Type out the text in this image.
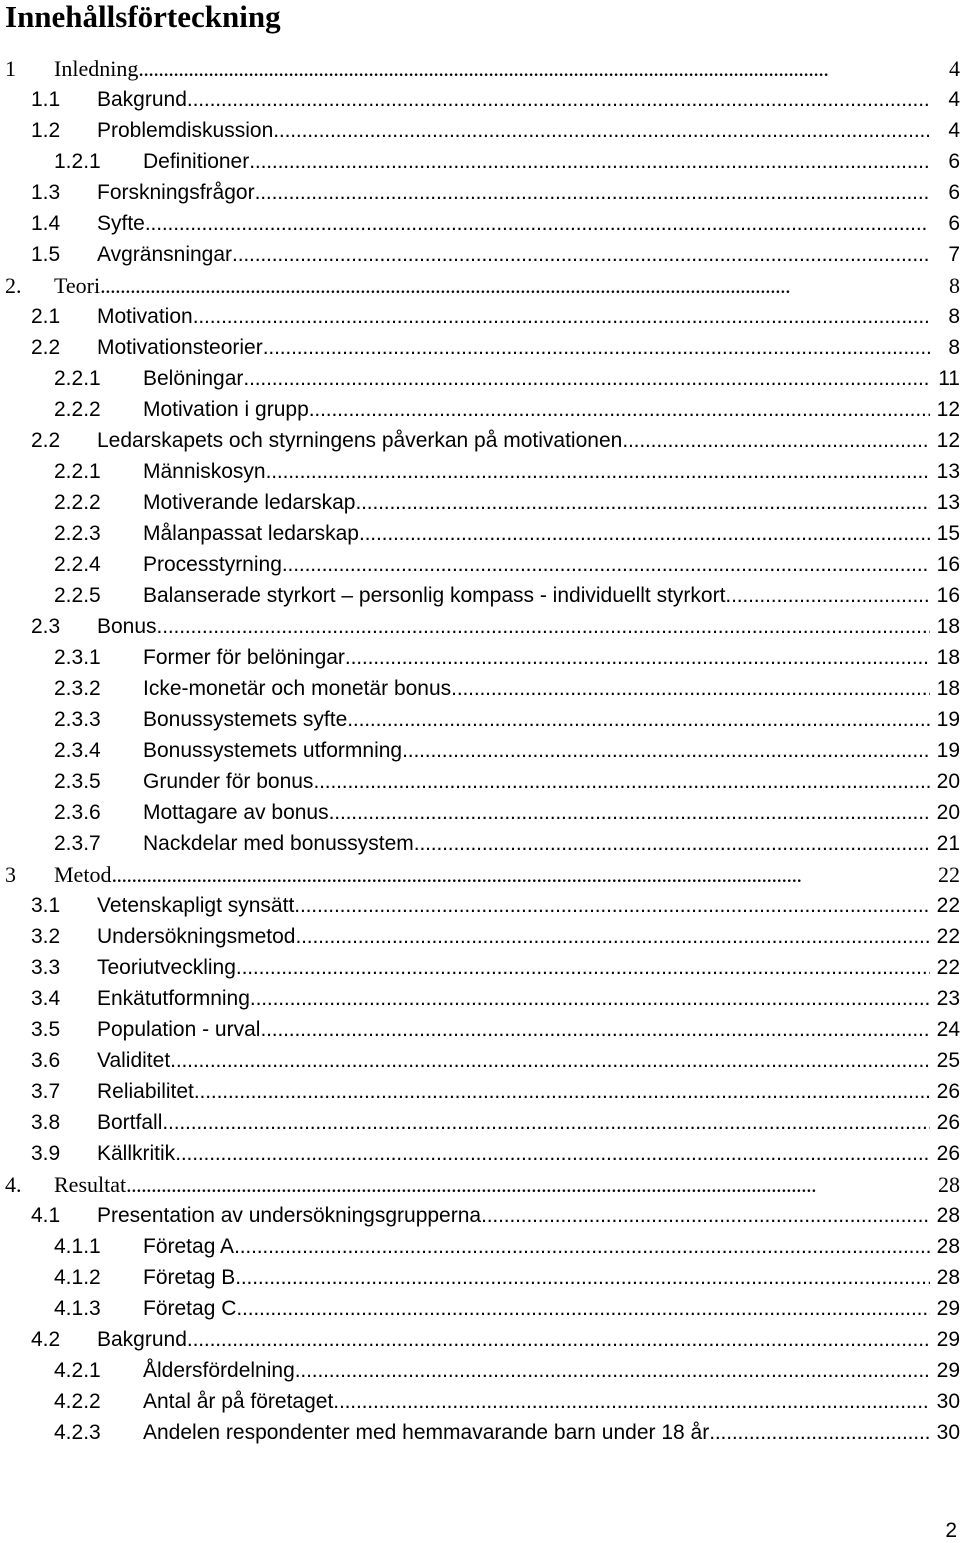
Innehållsförteckning
1 Inledning . . .	4
1.1 Bakgrund . . .	4
1.2 Problemdiskussion . . .	4
1.2.1 Definitioner . . .	6
1.3 Forskningsfrågor . . .	6
1.4 Syfte . . .	6
1.5 Avgränsningar . . .	7
2. Teori . . .	8
2.1 Motivation . . .	8
2.2 Motivationsteorier . . .	8
2.2.1 Belöningar . . .	11
2.2.2 Motivation i grupp . . .	12
2.2 Ledarskapets och styrningens påverkan på motivationen . . .	12
2.2.1 Människosyn . . .	13
2.2.2 Motiverande ledarskap . . .	13
2.2.3 Målanpassat ledarskap . . .	15
2.2.4 Processtyrning . . .	16
2.2.5 Balanserade styrkort – personlig kompass - individuellt styrkort . . .	16
2.3 Bonus . . .	18
2.3.1 Former för belöningar . . .	18
2.3.2 Icke-monetär och monetär bonus . . .	18
2.3.3 Bonussystemets syfte . . .	19
2.3.4 Bonussystemets utformning . . .	19
2.3.5 Grunder för bonus . . .	20
2.3.6 Mottagare av bonus . . .	20
2.3.7 Nackdelar med bonussystem . . .	21
3 Metod . . .	22
3.1 Vetenskapligt synsätt . . .	22
3.2 Undersökningsmetod . . .	22
3.3 Teoriutveckling . . .	22
3.4 Enkätutformning . . .	23
3.5 Population - urval . . .	24
3.6 Validitet . . .	25
3.7 Reliabilitet . . .	26
3.8 Bortfall . . .	26
3.9 Källkritik . . .	26
4. Resultat . . .	28
4.1 Presentation av undersökningsgrupperna . . .	28
4.1.1 Företag A . . .	28
4.1.2 Företag B . . .	28
4.1.3 Företag C . . .	29
4.2 Bakgrund . . .	29
4.2.1 Åldersfördelning . . .	29
4.2.2 Antal år på företaget . . .	30
4.2.3 Andelen respondenter med hemmavarande barn under 18 år . . .	30
2
